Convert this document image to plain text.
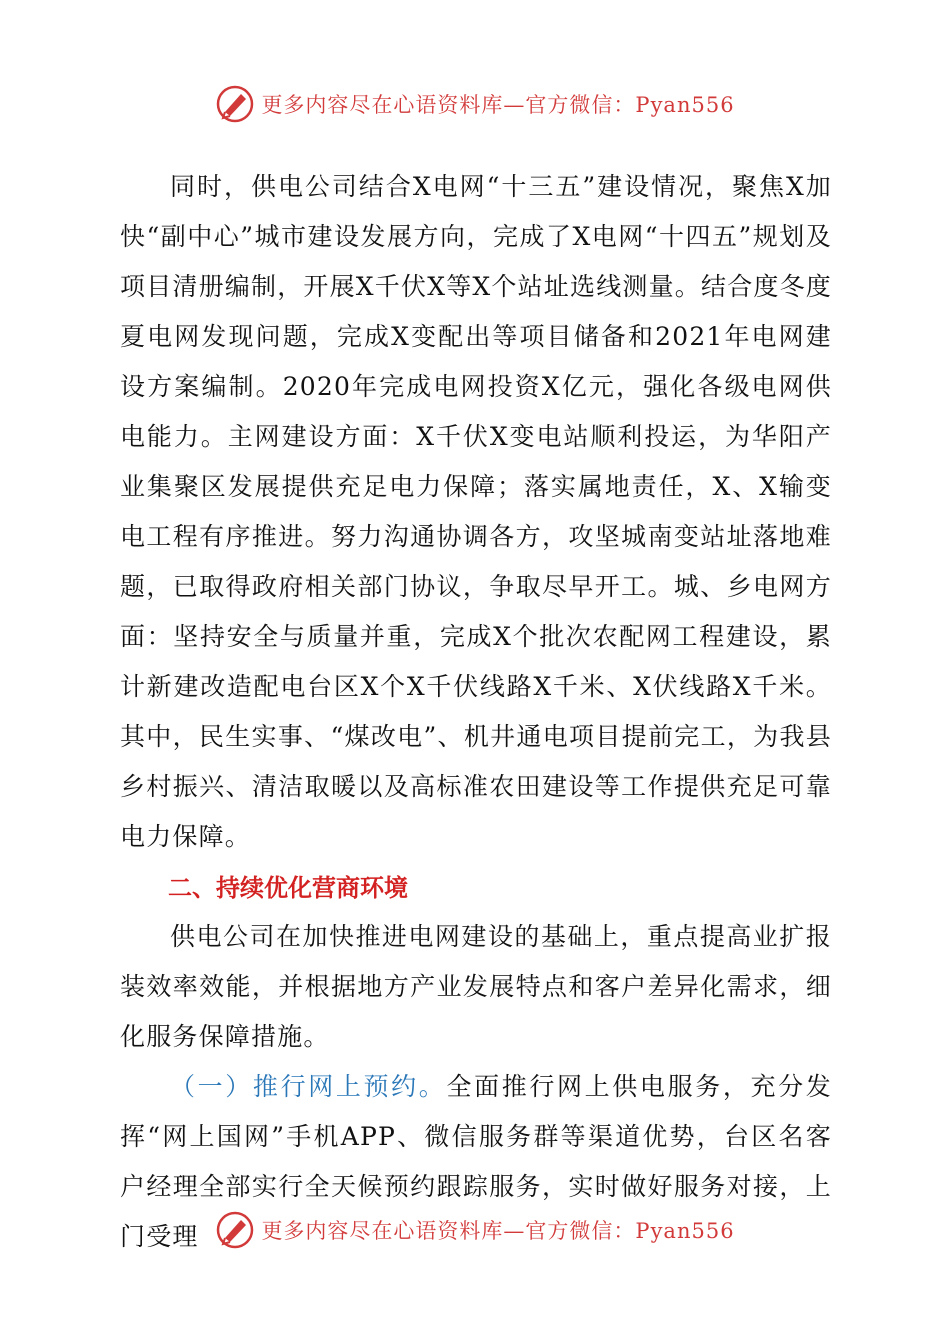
更多内容尽在心语资料库—官方微信：Pyan556

同时，供电公司结合X电网“十三五”建设情况，聚焦X加快“副中心”城市建设发展方向，完成了X电网“十四五”规划及项目清册编制，开展X千伏X等X个站址选线测量。结合度冬度夏电网发现问题，完成X变配出等项目储备和2021年电网建设方案编制。2020年完成电网投资X亿元，强化各级电网供电能力。主网建设方面：X千伏X变电站顺利投运，为华阳产业集聚区发展提供充足电力保障；落实属地责任，X、X输变电工程有序推进。努力沟通协调各方，攻坚城南变站址落地难题，已取得政府相关部门协议，争取尽早开工。城、乡电网方面：坚持安全与质量并重，完成X个批次农配网工程建设，累计新建改造配电台区X个X千伏线路X千米、X伏线路X千米。其中，民生实事、“煤改电”、机井通电项目提前完工，为我县乡村振兴、清洁取暖以及高标准农田建设等工作提供充足可靠电力保障。

二、持续优化营商环境

供电公司在加快推进电网建设的基础上，重点提高业扩报装效率效能，并根据地方产业发展特点和客户差异化需求，细化服务保障措施。

（一）推行网上预约。全面推行网上供电服务，充分发挥“网上国网”手机APP、微信服务群等渠道优势，台区名客户经理全部实行全天候预约跟踪服务，实时做好服务对接，上门受理	更多内容尽在心语资料库—官方微信：Pyan556
